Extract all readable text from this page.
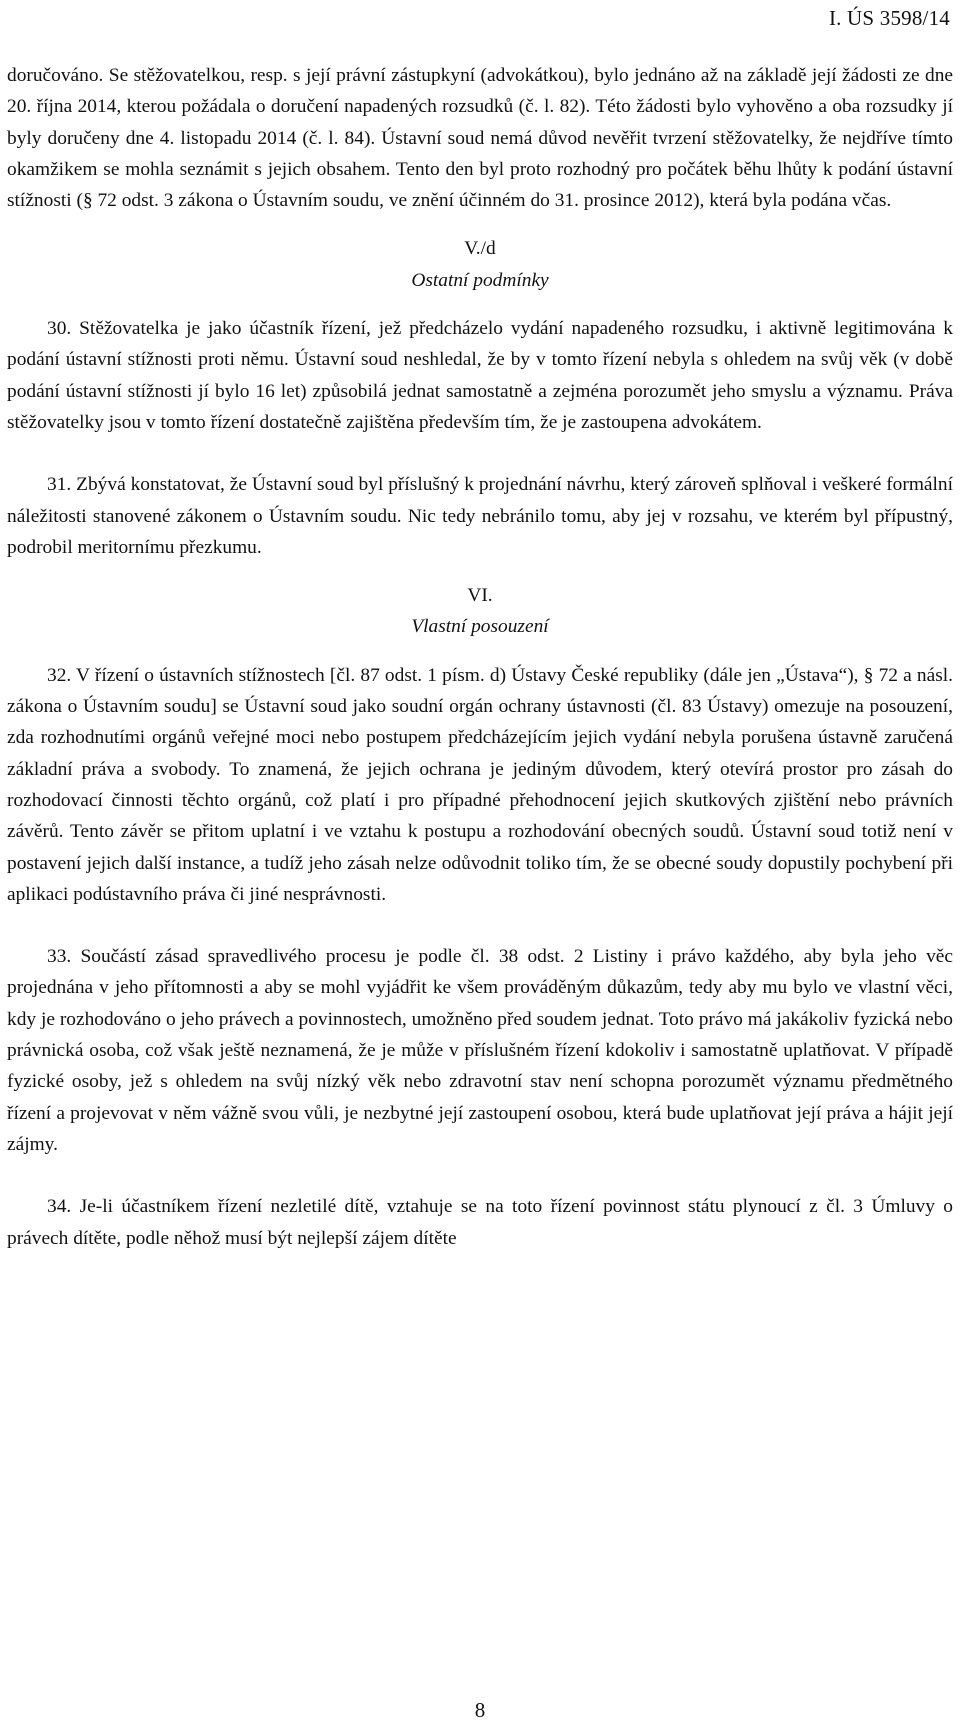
I. ÚS 3598/14

doručováno. Se stěžovatelkou, resp. s její právní zástupkyní (advokátkou), bylo jednáno až na základě její žádosti ze dne 20. října 2014, kterou požádala o doručení napadených rozsudků (č. l. 82). Této žádosti bylo vyhověno a oba rozsudky jí byly doručeny dne 4. listopadu 2014 (č. l. 84). Ústavní soud nemá důvod nevěřit tvrzení stěžovatelky, že nejdříve tímto okamžikem se mohla seznámit s jejich obsahem. Tento den byl proto rozhodný pro počátek běhu lhůty k podání ústavní stížnosti (§ 72 odst. 3 zákona o Ústavním soudu, ve znění účinném do 31. prosince 2012), která byla podána včas.

V./d
Ostatní podmínky

30. Stěžovatelka je jako účastník řízení, jež předcházelo vydání napadeného rozsudku, i aktivně legitimována k podání ústavní stížnosti proti němu. Ústavní soud neshledal, že by v tomto řízení nebyla s ohledem na svůj věk (v době podání ústavní stížnosti jí bylo 16 let) způsobilá jednat samostatně a zejména porozumět jeho smyslu a významu. Práva stěžovatelky jsou v tomto řízení dostatečně zajištěna především tím, že je zastoupena advokátem.

31. Zbývá konstatovat, že Ústavní soud byl příslušný k projednání návrhu, který zároveň splňoval i veškeré formální náležitosti stanovené zákonem o Ústavním soudu. Nic tedy nebránilo tomu, aby jej v rozsahu, ve kterém byl přípustný, podrobil meritornímu přezkumu.

VI.
Vlastní posouzení

32. V řízení o ústavních stížnostech [čl. 87 odst. 1 písm. d) Ústavy České republiky (dále jen „Ústava“), § 72 a násl. zákona o Ústavním soudu] se Ústavní soud jako soudní orgán ochrany ústavnosti (čl. 83 Ústavy) omezuje na posouzení, zda rozhodnutími orgánů veřejné moci nebo postupem předcházejícím jejich vydání nebyla porušena ústavně zaručená základní práva a svobody. To znamená, že jejich ochrana je jediným důvodem, který otevírá prostor pro zásah do rozhodovací činnosti těchto orgánů, což platí i pro případné přehodnocení jejich skutkových zjištění nebo právních závěrů. Tento závěr se přitom uplatní i ve vztahu k postupu a rozhodování obecných soudů. Ústavní soud totiž není v postavení jejich další instance, a tudíž jeho zásah nelze odůvodnit toliko tím, že se obecné soudy dopustily pochybení při aplikaci podústavního práva či jiné nesprávnosti.

33. Součástí zásad spravedlivého procesu je podle čl. 38 odst. 2 Listiny i právo každého, aby byla jeho věc projednána v jeho přítomnosti a aby se mohl vyjádřit ke všem prováděným důkazům, tedy aby mu bylo ve vlastní věci, kdy je rozhodováno o jeho právech a povinnostech, umožněno před soudem jednat. Toto právo má jakákoliv fyzická nebo právnická osoba, což však ještě neznamená, že je může v příslušném řízení kdokoliv i samostatně uplatňovat. V případě fyzické osoby, jež s ohledem na svůj nízký věk nebo zdravotní stav není schopna porozumět významu předmětného řízení a projevovat v něm vážně svou vůli, je nezbytné její zastoupení osobou, která bude uplatňovat její práva a hájit její zájmy.

34. Je-li účastníkem řízení nezletilé dítě, vztahuje se na toto řízení povinnost státu plynoucí z čl. 3 Úmluvy o právech dítěte, podle něhož musí být nejlepší zájem dítěte

8
